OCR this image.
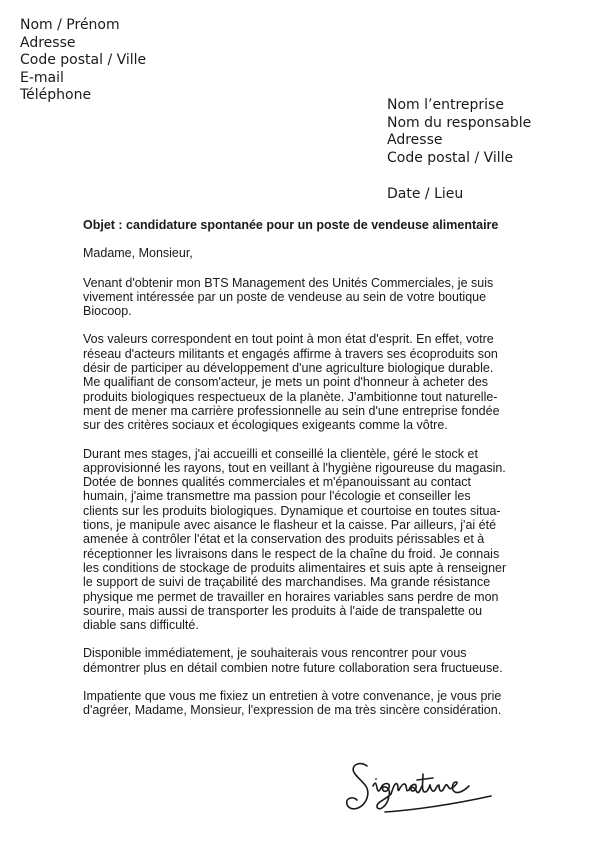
Nom / Prénom
Adresse
Code postal / Ville
E-mail
Téléphone
Nom l’entreprise
Nom du responsable
Adresse
Code postal / Ville
Date / Lieu
Objet : candidature spontanée pour un poste de vendeuse alimentaire
Madame, Monsieur,
Venant d'obtenir mon BTS Management des Unités Commerciales, je suis
vivement intéressée par un poste de vendeuse au sein de votre boutique
Biocoop.
Vos valeurs correspondent en tout point à mon état d'esprit. En effet, votre
réseau d'acteurs militants et engagés affirme à travers ses écoproduits son
désir de participer au développement d'une agriculture biologique durable.
Me qualifiant de consom'acteur, je mets un point d'honneur à acheter des
produits biologiques respectueux de la planète. J'ambitionne tout naturelle-
ment de mener ma carrière professionnelle au sein d'une entreprise fondée
sur des critères sociaux et écologiques exigeants comme la vôtre.
Durant mes stages, j'ai accueilli et conseillé la clientèle, géré le stock et
approvisionné les rayons, tout en veillant à l'hygiène rigoureuse du magasin.
Dotée de bonnes qualités commerciales et m'épanouissant au contact
humain, j'aime transmettre ma passion pour l'écologie et conseiller les
clients sur les produits biologiques. Dynamique et courtoise en toutes situa-
tions, je manipule avec aisance le flasheur et la caisse. Par ailleurs, j'ai été
amenée à contrôler l'état et la conservation des produits périssables et à
réceptionner les livraisons dans le respect de la chaîne du froid. Je connais
les conditions de stockage de produits alimentaires et suis apte à renseigner
le support de suivi de traçabilité des marchandises. Ma grande résistance
physique me permet de travailler en horaires variables sans perdre de mon
sourire, mais aussi de transporter les produits à l'aide de transpalette ou
diable sans difficulté.
Disponible immédiatement, je souhaiterais vous rencontrer pour vous
démontrer plus en détail combien notre future collaboration sera fructueuse.
Impatiente que vous me fixiez un entretien à votre convenance, je vous prie
d'agréer, Madame, Monsieur, l'expression de ma très sincère considération.
